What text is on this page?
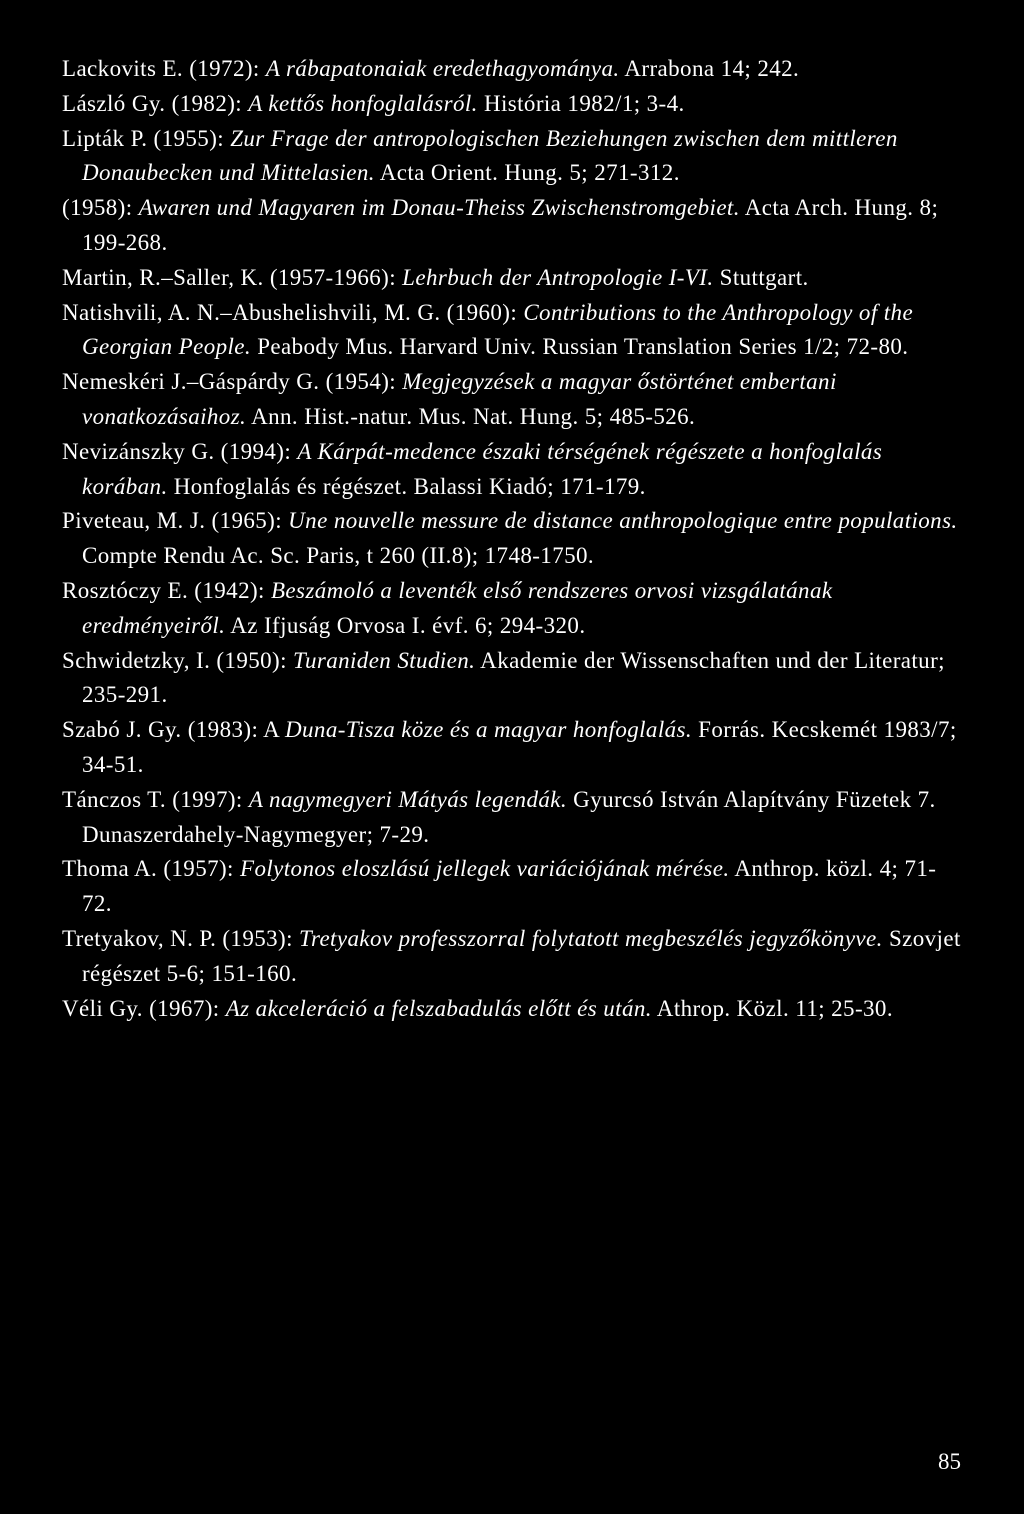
Lackovits E. (1972): A rábapatonaiak eredethagyománya. Arrabona 14; 242.
László Gy. (1982): A kettős honfoglalásról. História 1982/1; 3-4.
Lipták P. (1955): Zur Frage der antropologischen Beziehungen zwischen dem mittleren Donaubecken und Mittelasien. Acta Orient. Hung. 5; 271-312.
(1958): Awaren und Magyaren im Donau-Theiss Zwischenstromgebiet. Acta Arch. Hung. 8; 199-268.
Martin, R.–Saller, K. (1957-1966): Lehrbuch der Antropologie I-VI. Stuttgart.
Natishvili, A. N.–Abushelishvili, M. G. (1960): Contributions to the Anthropology of the Georgian People. Peabody Mus. Harvard Univ. Russian Translation Series 1/2; 72-80.
Nemeskéri J.–Gáspárdy G. (1954): Megjegyzések a magyar őstörténet embertani vonatkozásaihoz. Ann. Hist.-natur. Mus. Nat. Hung. 5; 485-526.
Nevizánszky G. (1994): A Kárpát-medence északi térségének régészete a honfoglalás korában. Honfoglalás és régészet. Balassi Kiadó; 171-179.
Piveteau, M. J. (1965): Une nouvelle messure de distance anthropologique entre populations. Compte Rendu Ac. Sc. Paris, t 260 (II.8); 1748-1750.
Rosztóczy E. (1942): Beszámoló a leventék első rendszeres orvosi vizsgálatának eredményeiről. Az Ifjuság Orvosa I. évf. 6; 294-320.
Schwidetzky, I. (1950): Turaniden Studien. Akademie der Wissenschaften und der Literatur; 235-291.
Szabó J. Gy. (1983): A Duna-Tisza köze és a magyar honfoglalás. Forrás. Kecskemét 1983/7; 34-51.
Tánczos T. (1997): A nagymegyeri Mátyás legendák. Gyurcsó István Alapítvány Füzetek 7. Dunaszerdahely-Nagymegyer; 7-29.
Thoma A. (1957): Folytonos eloszlású jellegek variációjának mérése. Anthrop. közl. 4; 71-72.
Tretyakov, N. P. (1953): Tretyakov professzorral folytatott megbeszélés jegyzőkönyve. Szovjet régészet 5-6; 151-160.
Véli Gy. (1967): Az akceleráció a felszabadulás előtt és után. Athrop. Közl. 11; 25-30.
85
